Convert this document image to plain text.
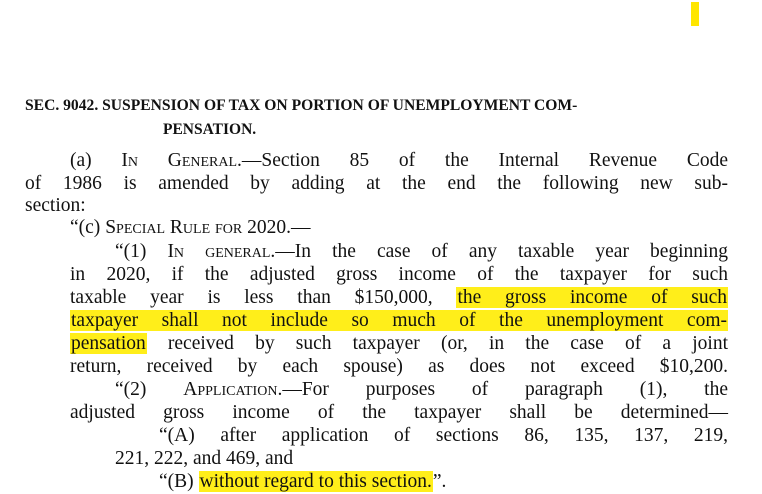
SEC. 9042. SUSPENSION OF TAX ON PORTION OF UNEMPLOYMENT COM-
PENSATION.
(a) In General.—Section 85 of the Internal Revenue Code
of 1986 is amended by adding at the end the following new sub-
section:
“(c) Special Rule for 2020.—
“(1) In general.—In the case of any taxable year beginning
in 2020, if the adjusted gross income of the taxpayer for such
taxable year is less than $150,000, the gross income of such
taxpayer shall not include so much of the unemployment com-
pensation received by such taxpayer (or, in the case of a joint
return, received by each spouse) as does not exceed $10,200.
“(2) Application.—For purposes of paragraph (1), the
adjusted gross income of the taxpayer shall be determined—
“(A) after application of sections 86, 135, 137, 219,
221, 222, and 469, and
“(B) without regard to this section.”.
